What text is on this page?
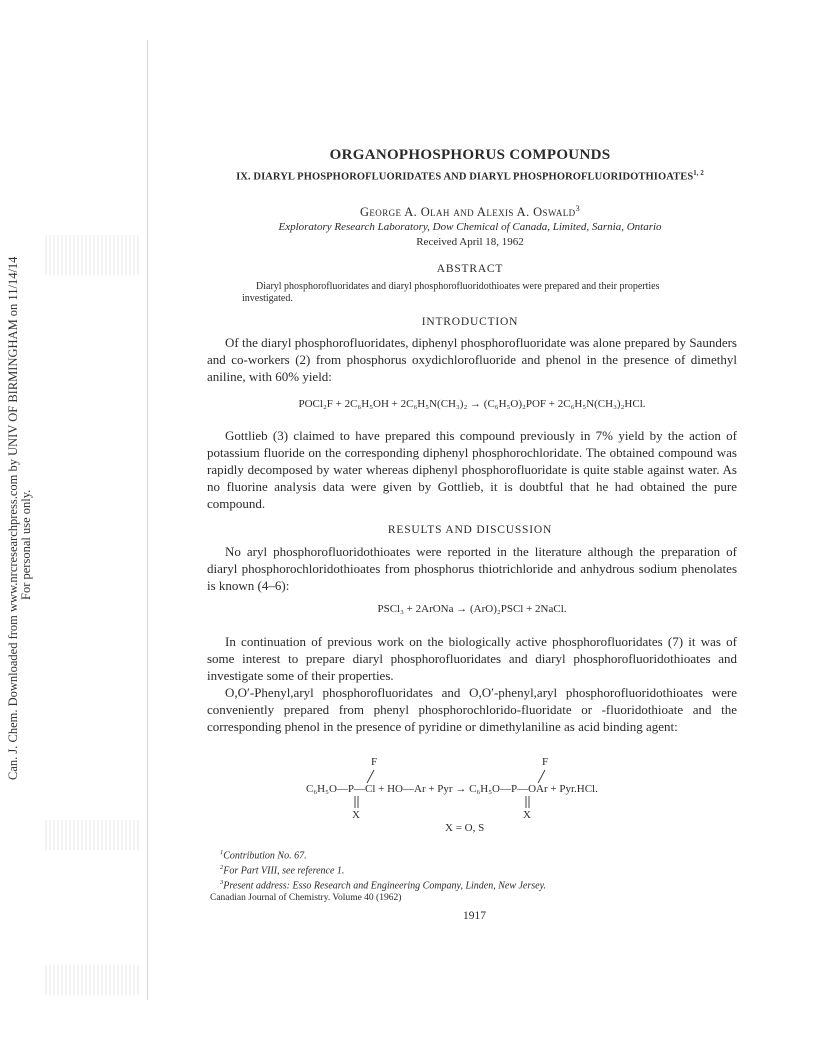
Can. J. Chem. Downloaded from www.nrcresearchpress.com by UNIV OF BIRMINGHAM on 11/14/14 For personal use only.
ORGANOPHOSPHORUS COMPOUNDS
IX. DIARYL PHOSPHOROFLUORIDATES AND DIARYL PHOSPHOROFLUORIDOTHIOATES$^{1, 2}$
George A. Olah and Alexis A. Oswald$^3$
Exploratory Research Laboratory, Dow Chemical of Canada, Limited, Sarnia, Ontario
Received April 18, 1962
ABSTRACT
Diaryl phosphorofluoridates and diaryl phosphorofluoridothioates were prepared and their properties investigated.
INTRODUCTION
Of the diaryl phosphorofluoridates, diphenyl phosphorofluoridate was alone prepared by Saunders and co-workers (2) from phosphorus oxydichlorofluoride and phenol in the presence of dimethyl aniline, with 60% yield:
POCl₂F + 2C₆H₅OH + 2C₆H₅N(CH₃)₂ → (C₆H₅O)₂POF + 2C₆H₅N(CH₃)₂HCl.
Gottlieb (3) claimed to have prepared this compound previously in 7% yield by the action of potassium fluoride on the corresponding diphenyl phosphorochloridate. The obtained compound was rapidly decomposed by water whereas diphenyl phosphorofluoridate is quite stable against water. As no fluorine analysis data were given by Gottlieb, it is doubtful that he had obtained the pure compound.
RESULTS AND DISCUSSION
No aryl phosphorofluoridothioates were reported in the literature although the preparation of diaryl phosphorochloridothioates from phosphorus thiotrichloride and anhydrous sodium phenolates is known (4–6):
PSCl₃ + 2ArONa → (ArO)₂PSCl + 2NaCl.
In continuation of previous work on the biologically active phosphorofluoridates (7) it was of some interest to prepare diaryl phosphorofluoridates and diaryl phosphorofluoridothioates and investigate some of their properties.
O,O′-Phenyl,aryl phosphorofluoridates and O,O′-phenyl,aryl phosphorofluoridothioates were conveniently prepared from phenyl phosphorochlorido-fluoridate or -fluoridothioate and the corresponding phenol in the presence of pyridine or dimethylaniline as acid binding agent:
F	F
C₆H₅O—P—Cl + HO—Ar + Pyr → C₆H₅O—P—OAr + Pyr.HCl.
X	X
X = O, S
$^1$Contribution No. 67.
$^2$For Part VIII, see reference 1.
$^3$Present address: Esso Research and Engineering Company, Linden, New Jersey.
Canadian Journal of Chemistry. Volume 40 (1962)
1917
